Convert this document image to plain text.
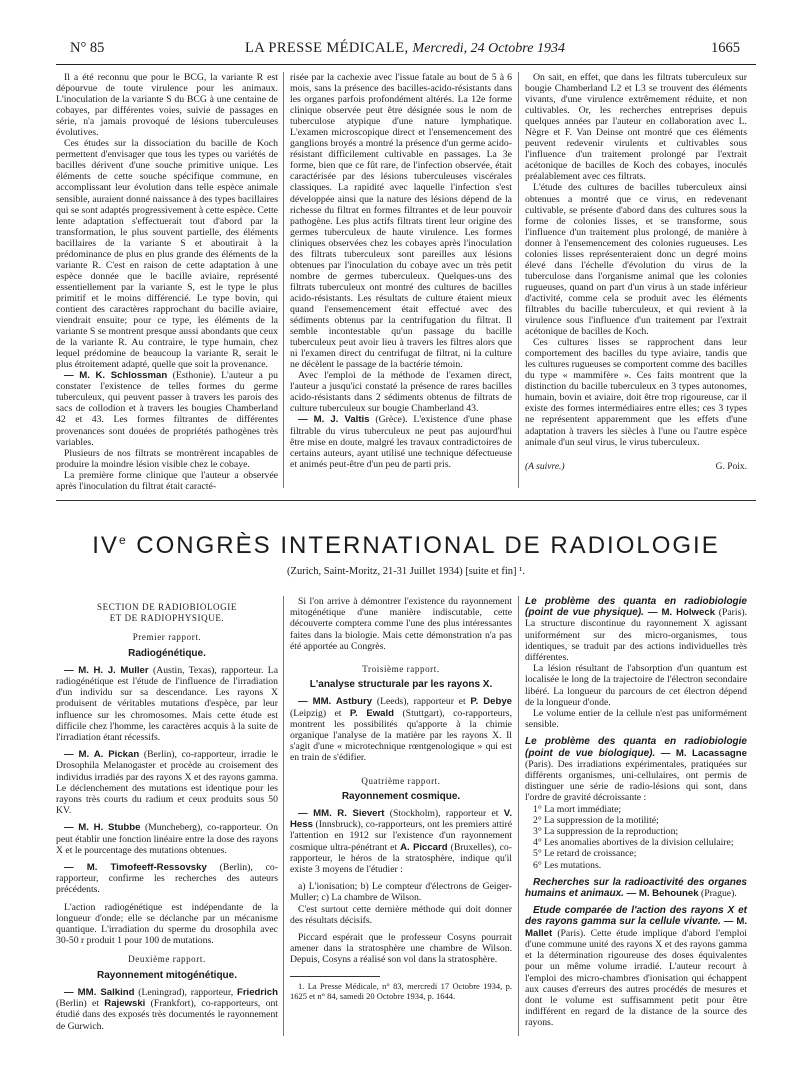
N° 85	LA PRESSE MÉDICALE, Mercredi, 24 Octobre 1934	1665

Il a été reconnu que pour le BCG, la variante R est dépourvue de toute virulence pour les animaux. L'inoculation de la variante S du BCG à une centaine de cobayes, par différentes voies, suivie de passages en série, n'a jamais provoqué de lésions tuberculeuses évolutives.

Ces études sur la dissociation du bacille de Koch permettent d'envisager que tous les types ou variétés de bacilles dérivent d'une souche primitive unique. Les éléments de cette souche spécifique commune, en accomplissant leur évolution dans telle espèce animale sensible, auraient donné naissance à des types bacillaires qui se sont adaptés progressivement à cette espèce. Cette lente adaptation s'effectuerait tout d'abord par la transformation, le plus souvent partielle, des éléments bacillaires de la variante S et aboutirait à la prédominance de plus en plus grande des éléments de la variante R. C'est en raison de cette adaptation à une espèce donnée que le bacille aviaire, représenté essentiellement par la variante S, est le type le plus primitif et le moins différencié. Le type bovin, qui contient des caractères rapprochant du bacille aviaire, viendrait ensuite; pour ce type, les éléments de la variante S se montrent presque aussi abondants que ceux de la variante R. Au contraire, le type humain, chez lequel prédomine de beaucoup la variante R, serait le plus étroitement adapté, quelle que soit la provenance.

— M. K. Schlossman (Esthonie). L'auteur a pu constater l'existence de telles formes du germe tuberculeux, qui peuvent passer à travers les parois des sacs de collodion et à travers les bougies Chamberland 42 et 43. Les formes filtrantes de différentes provenances sont douées de propriétés pathogènes très variables.

Plusieurs de nos filtrats se montrèrent incapables de produire la moindre lésion visible chez le cobaye.

La première forme clinique que l'auteur a observée après l'inoculation du filtrat était caracté-

risée par la cachexie avec l'issue fatale au bout de 5 à 6 mois, sans la présence des bacilles-acido-résistants dans les organes parfois profondément altérés. La 12e forme clinique observée peut être désignée sous le nom de tuberculose atypique d'une nature lymphatique. L'examen microscopique direct et l'ensemencement des ganglions broyés a montré la présence d'un germe acido-résistant difficilement cultivable en passages. La 3e forme, bien que ce fût rare, de l'infection observée, était caractérisée par des lésions tuberculeuses viscérales classiques. La rapidité avec laquelle l'infection s'est développée ainsi que la nature des lésions dépend de la richesse du filtrat en formes filtrantes et de leur pouvoir pathogène. Les plus actifs filtrats tirent leur origine des germes tuberculeux de haute virulence. Les formes cliniques observées chez les cobayes après l'inoculation des filtrats tuberculeux sont pareilles aux lésions obtenues par l'inoculation du cobaye avec un très petit nombre de germes tuberculeux. Quelques-uns des filtrats tuberculeux ont montré des cultures de bacilles acido-résistants. Les résultats de culture étaient mieux quand l'ensemencement était effectué avec des sédiments obtenus par la centrifugation du filtrat. Il semble incontestable qu'un passage du bacille tuberculeux peut avoir lieu à travers les filtres alors que ni l'examen direct du centrifugat de filtrat, ni la culture ne décèlent le passage de la bactérie témoin.

Avec l'emploi de la méthode de l'examen direct, l'auteur a jusqu'ici constaté la présence de rares bacilles acido-résistants dans 2 sédiments obtenus de filtrats de culture tuberculeux sur bougie Chamberland 43.

— M. J. Valtis (Grèce). L'existence d'une phase filtrable du virus tuberculeux ne peut pas aujourd'hui être mise en doute, malgré les travaux contradictoires de certains auteurs, ayant utilisé une technique défectueuse et animés peut-être d'un peu de parti pris.

On sait, en effet, que dans les filtrats tuberculeux sur bougie Chamberland L2 et L3 se trouvent des éléments vivants, d'une virulence extrêmement réduite, et non cultivables. Or, les recherches entreprises depuis quelques années par l'auteur en collaboration avec L. Nègre et F. Van Deinse ont montré que ces éléments peuvent redevenir virulents et cultivables sous l'influence d'un traitement prolongé par l'extrait acétonique de bacilles de Koch des cobayes, inoculés préalablement avec ces filtrats.

L'étude des cultures de bacilles tuberculeux ainsi obtenues a montré que ce virus, en redevenant cultivable, se présente d'abord dans des cultures sous la forme de colonies lisses, et se transforme, sous l'influence d'un traitement plus prolongé, de manière à donner à l'ensemencement des colonies rugueuses. Les colonies lisses représenteraient donc un degré moins élevé dans l'échelle d'évolution du virus de la tuberculose dans l'organisme animal que les colonies rugueuses, quand on part d'un virus à un stade inférieur d'activité, comme cela se produit avec les éléments filtrables du bacille tuberculeux, et qui revient à la virulence sous l'influence d'un traitement par l'extrait acétonique de bacilles de Koch.

Ces cultures lisses se rapprochent dans leur comportement des bacilles du type aviaire, tandis que les cultures rugueuses se comportent comme des bacilles du type « mammifère ». Ces faits montrent que la distinction du bacille tuberculeux en 3 types autonomes, humain, bovin et aviaire, doit être trop rigoureuse, car il existe des formes intermédiaires entre elles; ces 3 types ne représentent apparemment que les effets d'une adaptation à travers les siècles à l'une ou l'autre espèce animale d'un seul virus, le virus tuberculeux.

(A suivre.)	G. Poix.
IVe CONGRÈS INTERNATIONAL DE RADIOLOGIE
(Zurich, Saint-Moritz, 21-31 Juillet 1934) [suite et fin] ¹.
SECTION DE RADIOBIOLOGIE
ET DE RADIOPHYSIQUE.
Premier rapport.
Radiogénétique.

— M. H. J. Muller (Austin, Texas), rapporteur. La radiogénétique est l'étude de l'influence de l'irradiation d'un individu sur sa descendance. Les rayons X produisent de véritables mutations d'espèce, par leur influence sur les chromosomes. Mais cette étude est difficile chez l'homme, les caractères acquis à la suite de l'irradiation étant récessifs.

— M. A. Pickan (Berlin), co-rapporteur, irradie le Drosophila Melanogaster et procède au croisement des individus irradiés par des rayons X et des rayons gamma. Le déclenchement des mutations est identique pour les rayons très courts du radium et ceux produits sous 50 KV.

— M. H. Stubbe (Muncheberg), co-rapporteur. On peut établir une fonction linéaire entre la dose des rayons X et le pourcentage des mutations obtenues.

— M. Timofeeff-Ressovsky (Berlin), co-rapporteur, confirme les recherches des auteurs précédents.

L'action radiogénétique est indépendante de la longueur d'onde; elle se déclanche par un mécanisme quantique. L'irradiation du sperme du drosophila avec 30-50 r produit 1 pour 100 de mutations.

Deuxième rapport.
Rayonnement mitogénétique.

— MM. Salkind (Leningrad), rapporteur, Friedrich (Berlin) et Rajewski (Frankfort), co-rapporteurs, ont étudié dans des exposés très documentés le rayonnement de Gurwich.

Si l'on arrive à démontrer l'existence du rayonnement mitogénétique d'une manière indiscutable, cette découverte comptera comme l'une des plus intéressantes faites dans la biologie. Mais cette démonstration n'a pas été apportée au Congrès.

Troisième rapport.
L'analyse structurale par les rayons X.

— MM. Astbury (Leeds), rapporteur et P. Debye (Leipzig) et P. Ewald (Stuttgart), co-rapporteurs, montrent les possibilités qu'apporte à la chimie organique l'analyse de la matière par les rayons X. Il s'agit d'une « microtechnique rœntgenologique » qui est en train de s'édifier.

Quatrième rapport.
Rayonnement cosmique.

— MM. R. Sievert (Stockholm), rapporteur et V. Hess (Innsbruck), co-rapporteurs, ont les premiers attiré l'attention en 1912 sur l'existence d'un rayonnement cosmique ultra-pénétrant et A. Piccard (Bruxelles), co-rapporteur, le héros de la stratosphère, indique qu'il existe 3 moyens de l'étudier :

a) L'ionisation; b) Le compteur d'électrons de Geiger-Muller; c) La chambre de Wilson.

C'est surtout cette dernière méthode qui doit donner des résultats décisifs.

Piccard espérait que le professeur Cosyns pourrait amener dans la stratosphère une chambre de Wilson. Depuis, Cosyns a réalisé son vol dans la stratosphère.

1. La Presse Médicale, n° 83, mercredi 17 Octobre 1934, p. 1625 et n° 84, samedi 20 Octobre 1934, p. 1644.

Le problème des quanta en radiobiologie (point de vue physique). — M. Holweck (Paris). La structure discontinue du rayonnement X agissant uniformément sur des micro-organismes, tous identiques, se traduit par des actions individuelles très différentes.

La lésion résultant de l'absorption d'un quantum est localisée le long de la trajectoire de l'électron secondaire libéré. La longueur du parcours de cet électron dépend de la longueur d'onde.

Le volume entier de la cellule n'est pas uniformément sensible.

Le problème des quanta en radiobiologie (point de vue biologique). — M. Lacassagne (Paris). Des irradiations expérimentales, pratiquées sur différents organismes, uni-cellulaires, ont permis de distinguer une série de radio-lésions qui sont, dans l'ordre de gravité décroissante :

1° La mort immédiate;

2° La suppression de la motilité;

3° La suppression de la reproduction;

4° Les anomalies abortives de la division cellulaire;

5° Le retard de croissance;

6° Les mutations.

Recherches sur la radioactivité des organes humains et animaux. — M. Behounek (Prague).

Etude comparée de l'action des rayons X et des rayons gamma sur la cellule vivante. — M. Mallet (Paris). Cette étude implique d'abord l'emploi d'une commune unité des rayons X et des rayons gamma et la détermination rigoureuse des doses équivalentes pour un même volume irradié. L'auteur recourt à l'emploi des micro-chambres d'ionisation qui échappent aux causes d'erreurs des autres procédés de mesures et dont le volume est suffisamment petit pour être indifférent en regard de la distance de la source des rayons.
